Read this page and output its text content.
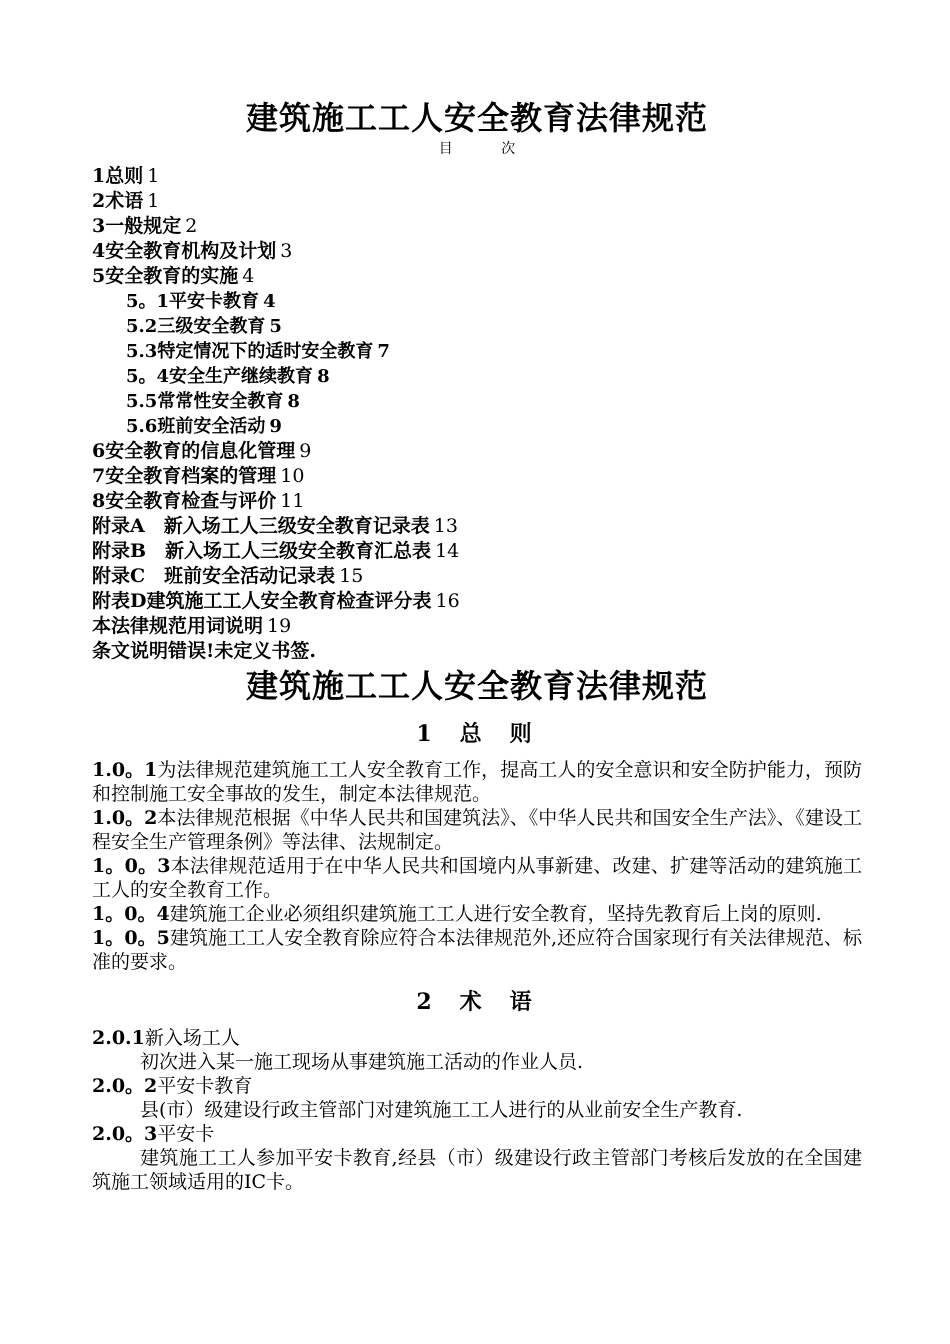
建筑施工工人安全教育法律规范
目 次
1总则 1
2术语 1
3一般规定 2
4安全教育机构及计划 3
5安全教育的实施 4
5。1平安卡教育 4
5.2三级安全教育 5
5.3特定情况下的适时安全教育 7
5。4安全生产继续教育 8
5.5常常性安全教育 8
5.6班前安全活动 9
6安全教育的信息化管理 9
7安全教育档案的管理 10
8安全教育检查与评价 11
附录A　新入场工人三级安全教育记录表 13
附录B　新入场工人三级安全教育汇总表 14
附录C　班前安全活动记录表 15
附表D建筑施工工人安全教育检查评分表 16
本法律规范用词说明 19
条文说明错误!未定义书签.
建筑施工工人安全教育法律规范
1 总 则
1.0。1为法律规范建筑施工工人安全教育工作，提高工人的安全意识和安全防护能力，预防和控制施工安全事故的发生，制定本法律规范。
1.0。2本法律规范根据《中华人民共和国建筑法》、《中华人民共和国安全生产法》、《建设工程安全生产管理条例》等法律、法规制定。
1。0。3本法律规范适用于在中华人民共和国境内从事新建、改建、扩建等活动的建筑施工工人的安全教育工作。
1。0。4建筑施工企业必须组织建筑施工工人进行安全教育，坚持先教育后上岗的原则.
1。0。5建筑施工工人安全教育除应符合本法律规范外,还应符合国家现行有关法律规范、标准的要求。
2 术 语
2.0.1新入场工人
初次进入某一施工现场从事建筑施工活动的作业人员.
2.0。2平安卡教育
县(市）级建设行政主管部门对建筑施工工人进行的从业前安全生产教育.
2.0。3平安卡
建筑施工工人参加平安卡教育,经县（市）级建设行政主管部门考核后发放的在全国建筑施工领域适用的IC卡。
